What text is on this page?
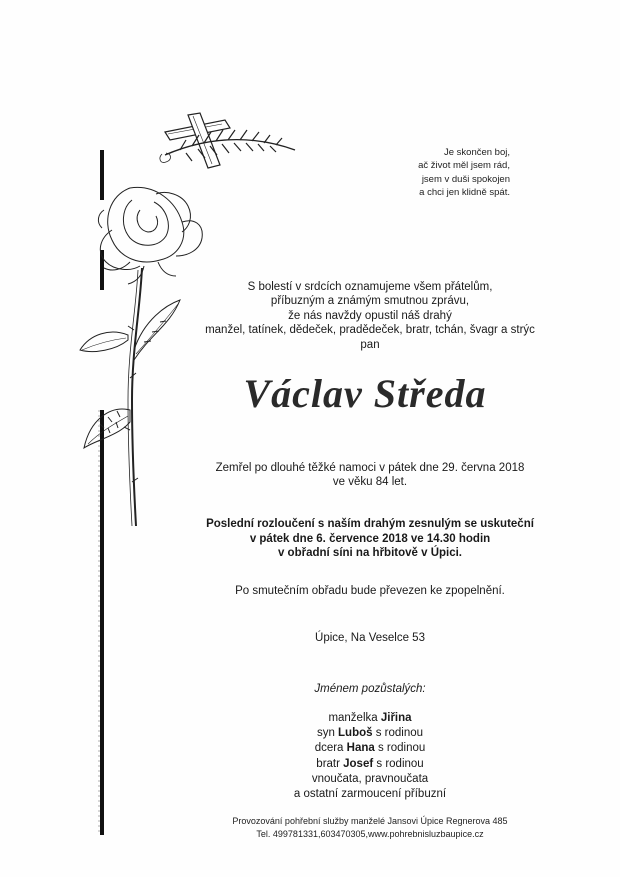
Je skončen boj,
ač život měl jsem rád,
jsem v duši spokojen
a chci jen klidně spát.
S bolestí v srdcích oznamujeme všem přátelům,
příbuzným a známým smutnou zprávu,
že nás navždy opustil náš drahý
manžel, tatínek, dědeček, pradědeček, bratr, tchán, švagr a strýc
pan
Václav Středa
Zemřel po dlouhé těžké namoci v pátek dne 29. června 2018
ve věku 84 let.
Poslední rozloučení s naším drahým zesnulým se uskuteční
v pátek dne 6. července 2018 ve 14.30 hodin
v obřadní síni na hřbitově v Úpici.
Po smutečním obřadu bude převezen ke zpopelnění.
Úpice, Na Veselce 53
Jménem pozůstalých:
manželka Jiřina
syn Luboš s rodinou
dcera Hana s rodinou
bratr Josef s rodinou
vnoučata, pravnoučata
a ostatní zarmoucení příbuzní
Provozování pohřební služby manželé Jansovi Úpice Regnerova 485
Tel. 499781331,603470305,www.pohrebnisluzbaupice.cz
